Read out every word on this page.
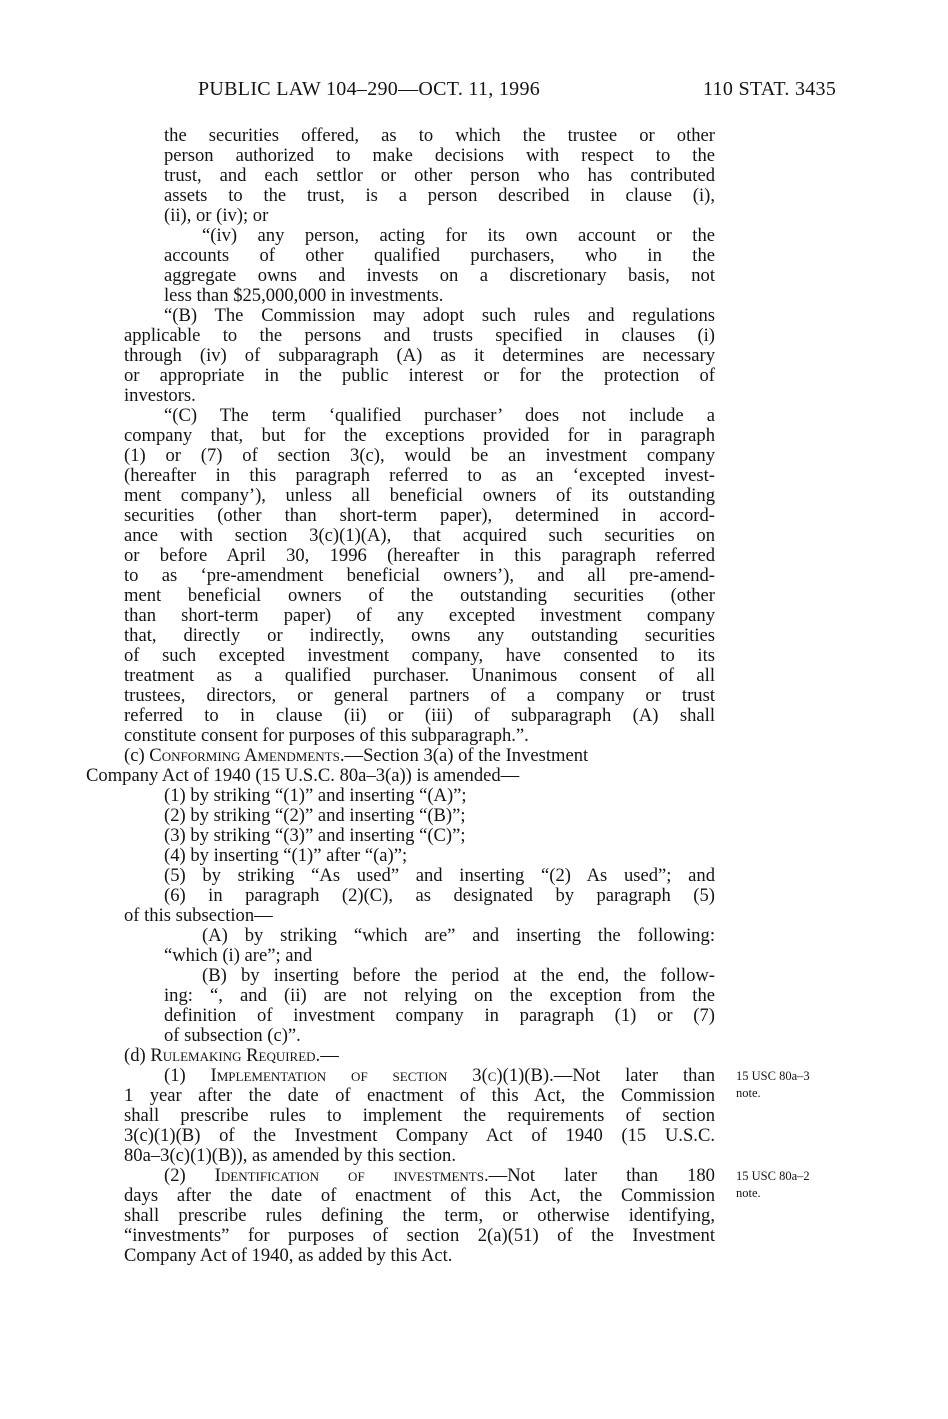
PUBLIC LAW 104–290—OCT. 11, 1996	110 STAT. 3435
the securities offered, as to which the trustee or other
person authorized to make decisions with respect to the
trust, and each settlor or other person who has contributed
assets to the trust, is a person described in clause (i),
(ii), or (iv); or
“(iv) any person, acting for its own account or the
accounts of other qualified purchasers, who in the
aggregate owns and invests on a discretionary basis, not
less than $25,000,000 in investments.
“(B) The Commission may adopt such rules and regulations
applicable to the persons and trusts specified in clauses (i)
through (iv) of subparagraph (A) as it determines are necessary
or appropriate in the public interest or for the protection of
investors.
“(C) The term ‘qualified purchaser’ does not include a
company that, but for the exceptions provided for in paragraph
(1) or (7) of section 3(c), would be an investment company
(hereafter in this paragraph referred to as an ‘excepted invest-
ment company’), unless all beneficial owners of its outstanding
securities (other than short-term paper), determined in accord-
ance with section 3(c)(1)(A), that acquired such securities on
or before April 30, 1996 (hereafter in this paragraph referred
to as ‘pre-amendment beneficial owners’), and all pre-amend-
ment beneficial owners of the outstanding securities (other
than short-term paper) of any excepted investment company
that, directly or indirectly, owns any outstanding securities
of such excepted investment company, have consented to its
treatment as a qualified purchaser. Unanimous consent of all
trustees, directors, or general partners of a company or trust
referred to in clause (ii) or (iii) of subparagraph (A) shall
constitute consent for purposes of this subparagraph.”.
(c) Conforming Amendments.—Section 3(a) of the Investment
Company Act of 1940 (15 U.S.C. 80a–3(a)) is amended—
(1) by striking “(1)” and inserting “(A)”;
(2) by striking “(2)” and inserting “(B)”;
(3) by striking “(3)” and inserting “(C)”;
(4) by inserting “(1)” after “(a)”;
(5) by striking “As used” and inserting “(2) As used”; and
(6) in paragraph (2)(C), as designated by paragraph (5)
of this subsection—
(A) by striking “which are” and inserting the following:
“which (i) are”; and
(B) by inserting before the period at the end, the follow-
ing: “, and (ii) are not relying on the exception from the
definition of investment company in paragraph (1) or (7)
of subsection (c)”.
(d) Rulemaking Required.—
(1) Implementation of section 3(c)(1)(B).—Not later than
1 year after the date of enactment of this Act, the Commission
shall prescribe rules to implement the requirements of section
3(c)(1)(B) of the Investment Company Act of 1940 (15 U.S.C.
80a–3(c)(1)(B)), as amended by this section.
(2) Identification of investments.—Not later than 180
days after the date of enactment of this Act, the Commission
shall prescribe rules defining the term, or otherwise identifying,
“investments” for purposes of section 2(a)(51) of the Investment
Company Act of 1940, as added by this Act.
15 USC 80a–3
note.
15 USC 80a–2
note.
